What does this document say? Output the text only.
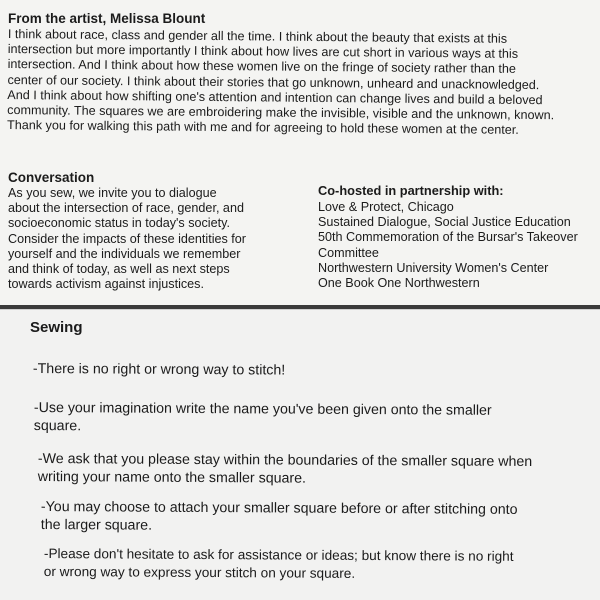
From the artist, Melissa Blount
I think about race, class and gender all the time. I think about the beauty that exists at this
intersection but more importantly I think about how lives are cut short in various ways at this
intersection. And I think about how these women live on the fringe of society rather than the
center of our society. I think about their stories that go unknown, unheard and unacknowledged.
And I think about how shifting one's attention and intention can change lives and build a beloved
community. The squares we are embroidering make the invisible, visible and the unknown, known.
Thank you for walking this path with me and for agreeing to hold these women at the center.
Conversation
As you sew, we invite you to dialogue
about the intersection of race, gender, and
socioeconomic status in today's society.
Consider the impacts of these identities for
yourself and the individuals we remember
and think of today, as well as next steps
towards activism against injustices.
Co-hosted in partnership with:
Love & Protect, Chicago
Sustained Dialogue, Social Justice Education
50th Commemoration of the Bursar's Takeover
Committee
Northwestern University Women's Center
One Book One Northwestern
Sewing
-There is no right or wrong way to stitch!
-Use your imagination write the name you've been given onto the smaller
square.
-We ask that you please stay within the boundaries of the smaller square when
writing your name onto the smaller square.
-You may choose to attach your smaller square before or after stitching onto
the larger square.
-Please don't hesitate to ask for assistance or ideas; but know there is no right
or wrong way to express your stitch on your square.
